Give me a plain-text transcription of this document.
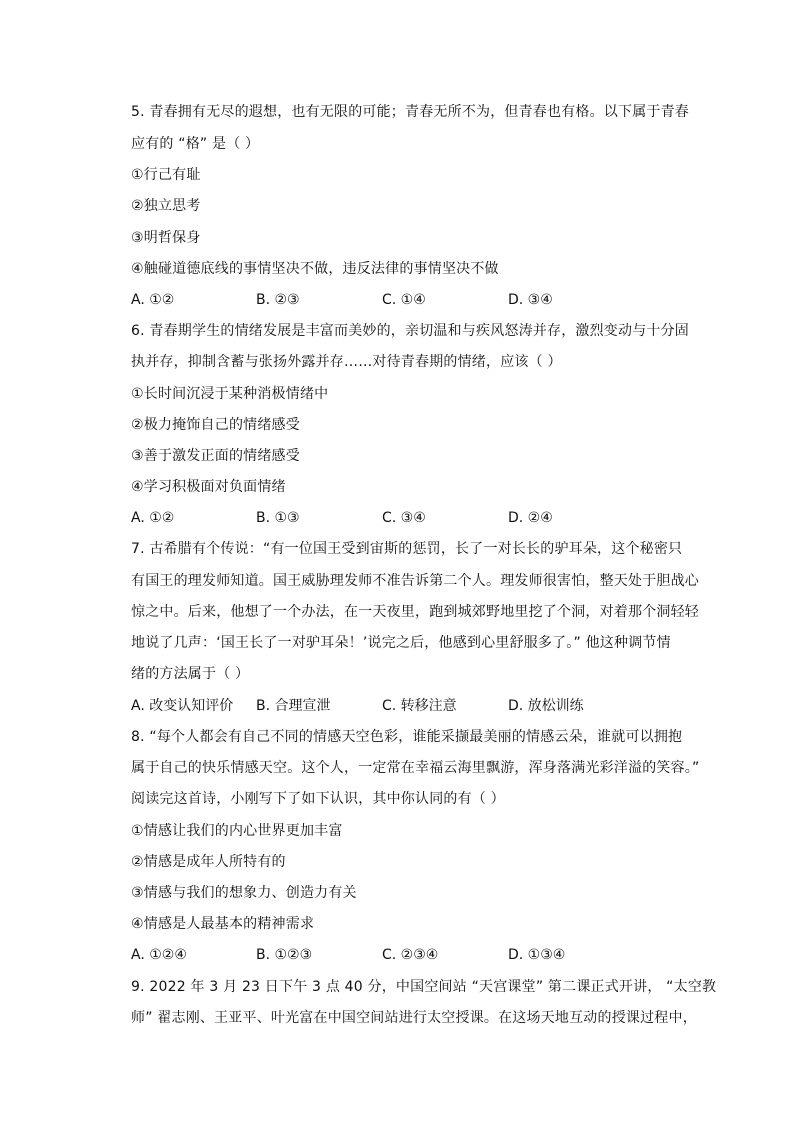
5. 青春拥有无尽的遐想，也有无限的可能；青春无所不为，但青春也有格。以下属于青春
应有的 “格” 是（ ）
①行己有耻
②独立思考
③明哲保身
④触碰道德底线的事情坚决不做，违反法律的事情坚决不做
A. ①②	B. ②③	C. ①④	D. ③④
6. 青春期学生的情绪发展是丰富而美妙的，亲切温和与疾风怒涛并存，激烈变动与十分固
执并存，抑制含蓄与张扬外露并存……对待青春期的情绪，应该（ ）
①长时间沉浸于某种消极情绪中
②极力掩饰自己的情绪感受
③善于激发正面的情绪感受
④学习积极面对负面情绪
A. ①②	B. ①③	C. ③④	D. ②④
7. 古希腊有个传说：“有一位国王受到宙斯的惩罚，长了一对长长的驴耳朵，这个秘密只
有国王的理发师知道。国王威胁理发师不准告诉第二个人。理发师很害怕，整天处于胆战心
惊之中。后来，他想了一个办法，在一天夜里，跑到城郊野地里挖了个洞，对着那个洞轻轻
地说了几声：‘国王长了一对驴耳朵！’说完之后，他感到心里舒服多了。” 他这种调节情
绪的方法属于（ ）
A. 改变认知评价 B. 合理宣泄	C. 转移注意	D. 放松训练
8. “每个人都会有自己不同的情感天空色彩，谁能采撷最美丽的情感云朵，谁就可以拥抱
属于自己的快乐情感天空。这个人，一定常在幸福云海里飘游，浑身落满光彩洋溢的笑容。”
阅读完这首诗，小刚写下了如下认识，其中你认同的有（ ）
①情感让我们的内心世界更加丰富
②情感是成年人所特有的
③情感与我们的想象力、创造力有关
④情感是人最基本的精神需求
A. ①②④	B. ①②③	C. ②③④	D. ①③④
9. 2022 年 3 月 23 日下午 3 点 40 分，中国空间站 “天宫课堂” 第二课正式开讲， “太空教
师” 翟志刚、王亚平、叶光富在中国空间站进行太空授课。在这场天地互动的授课过程中，
